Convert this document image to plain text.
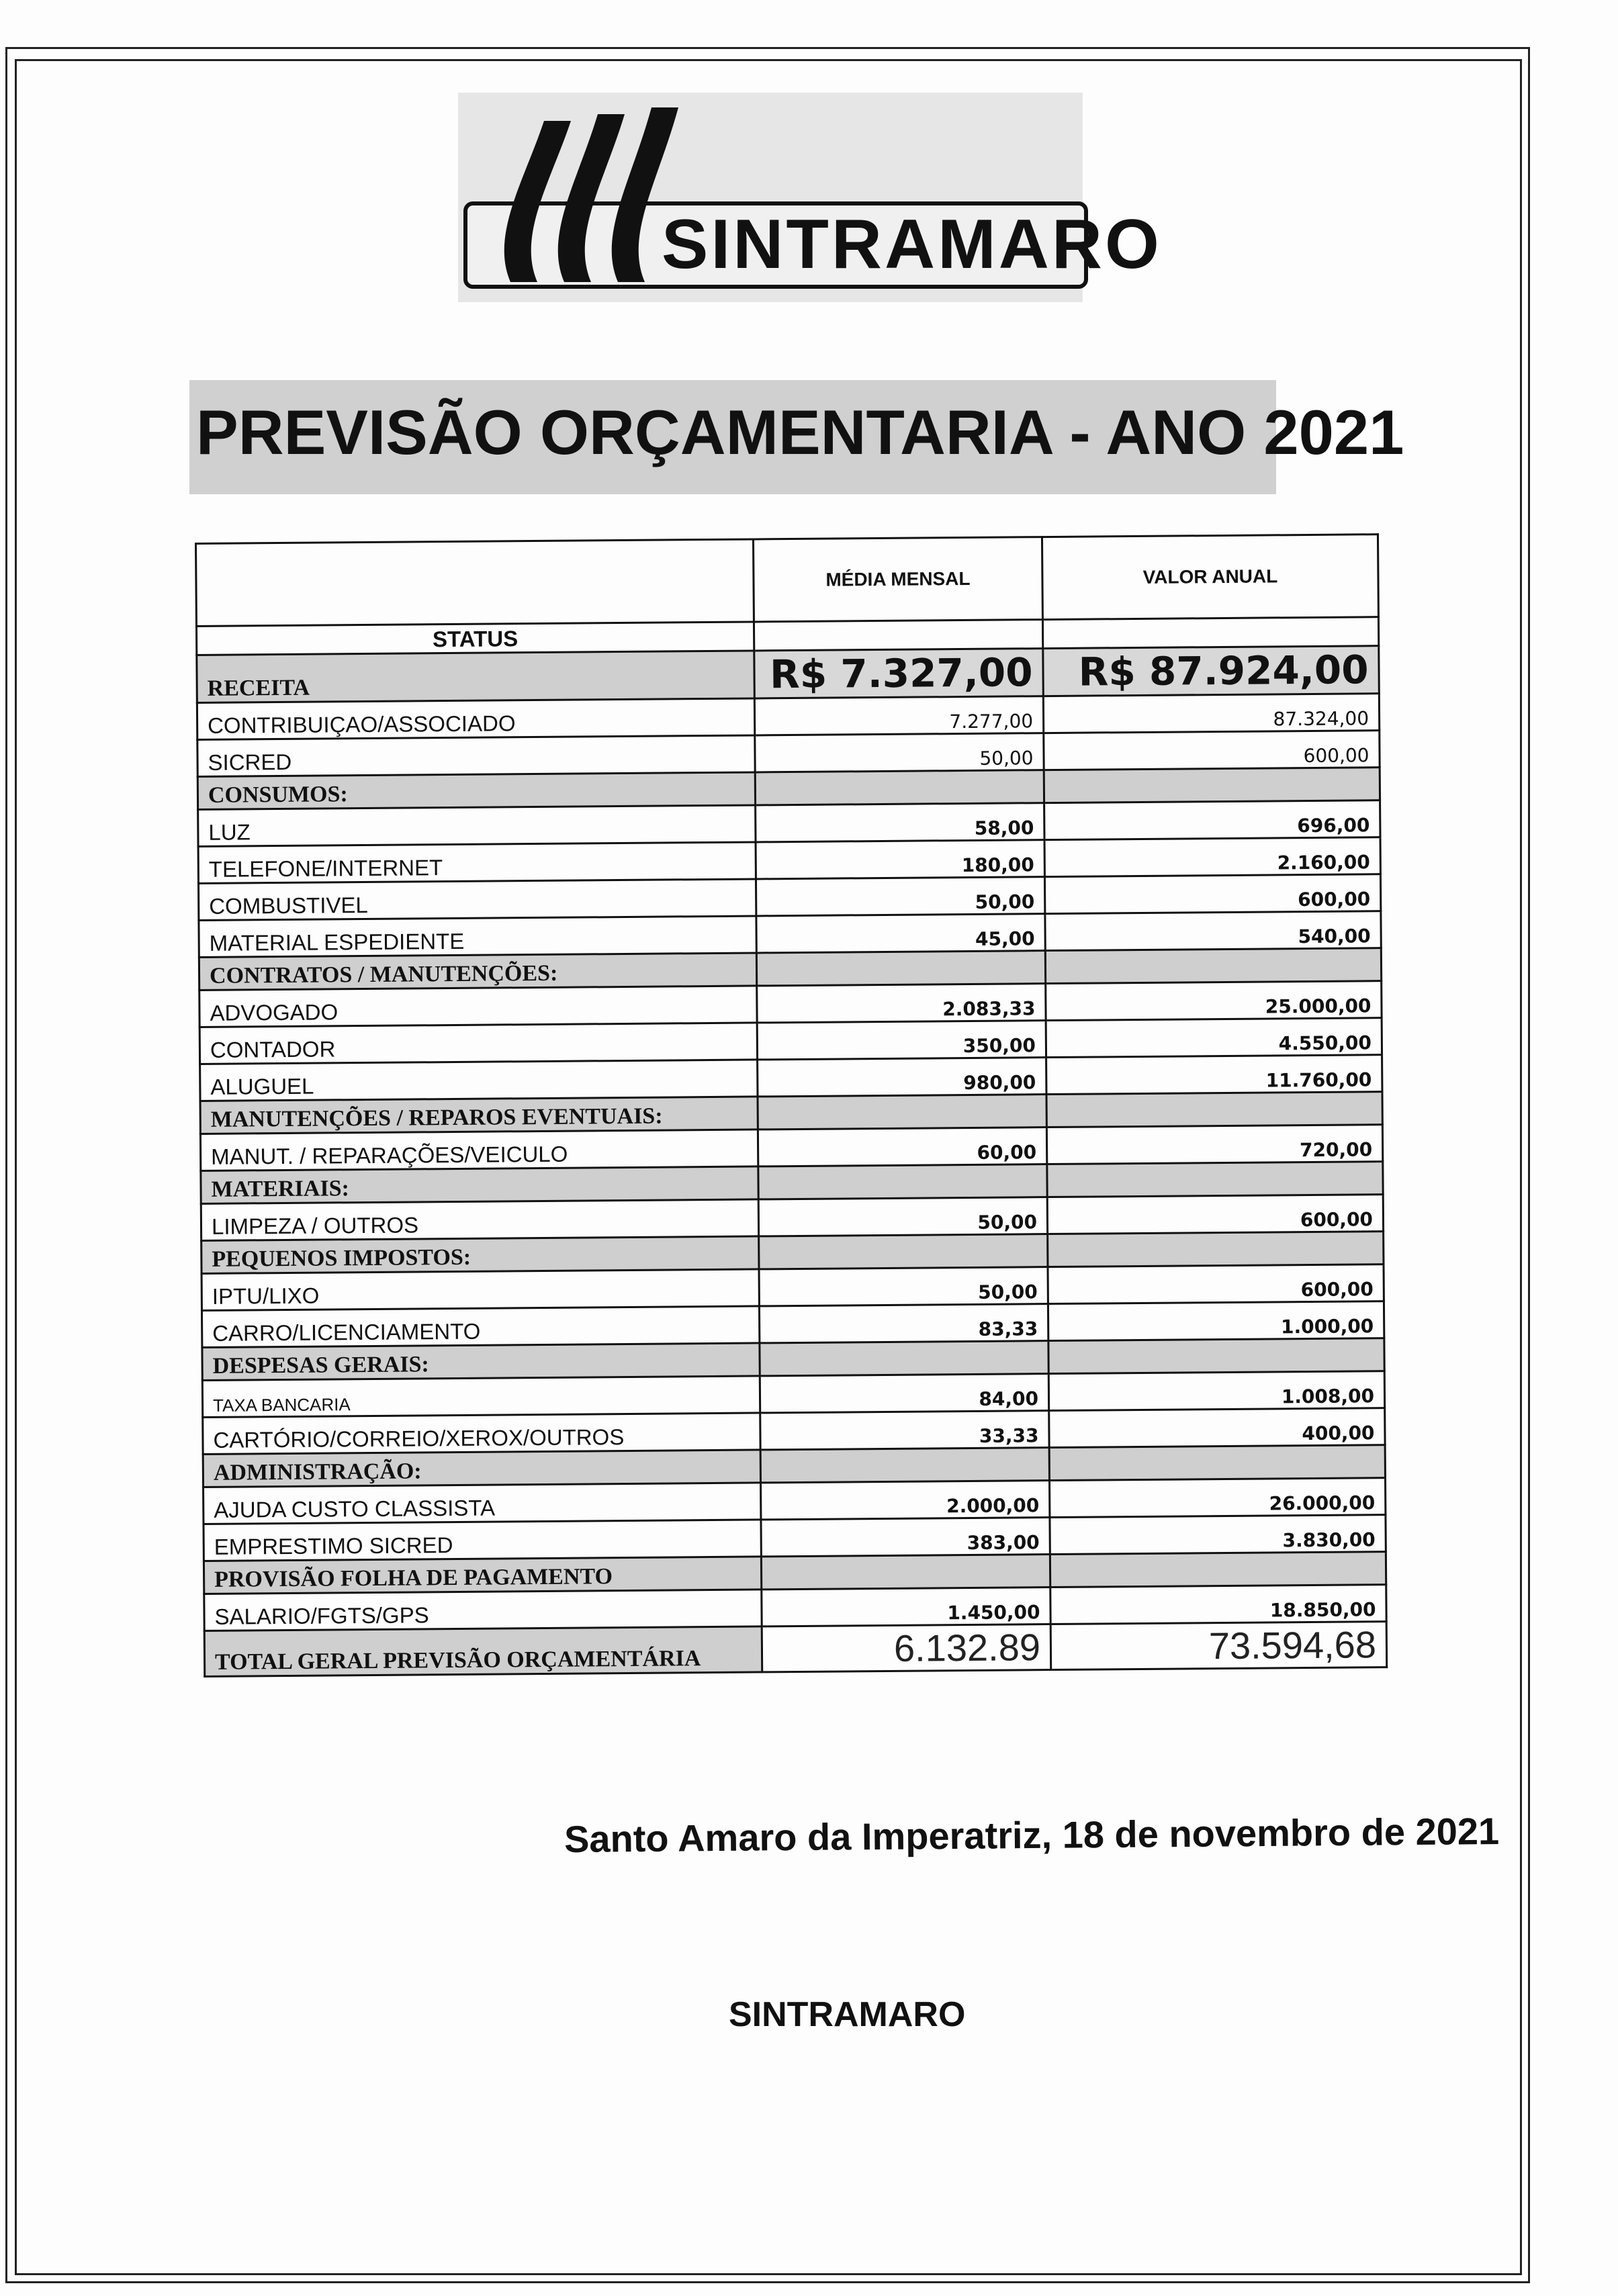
SINTRAMARO
PREVISÃO ORÇAMENTARIA - ANO 2021
	MÉDIA MENSAL	VALOR ANUAL
STATUS		
RECEITA	R$ 7.327,00	R$ 87.924,00
CONTRIBUIÇAO/ASSOCIADO	7.277,00	87.324,00
SICRED	50,00	600,00
CONSUMOS:		
LUZ	58,00	696,00
TELEFONE/INTERNET	180,00	2.160,00
COMBUSTIVEL	50,00	600,00
MATERIAL ESPEDIENTE	45,00	540,00
CONTRATOS / MANUTENÇÕES:		
ADVOGADO	2.083,33	25.000,00
CONTADOR	350,00	4.550,00
ALUGUEL	980,00	11.760,00
MANUTENÇÕES / REPAROS EVENTUAIS:		
MANUT. / REPARAÇÕES/VEICULO	60,00	720,00
MATERIAIS:		
LIMPEZA / OUTROS	50,00	600,00
PEQUENOS IMPOSTOS:		
IPTU/LIXO	50,00	600,00
CARRO/LICENCIAMENTO	83,33	1.000,00
DESPESAS GERAIS:		
TAXA BANCARIA	84,00	1.008,00
CARTÓRIO/CORREIO/XEROX/OUTROS	33,33	400,00
ADMINISTRAÇÃO:		
AJUDA CUSTO CLASSISTA	2.000,00	26.000,00
EMPRESTIMO SICRED	383,00	3.830,00
PROVISÃO FOLHA DE PAGAMENTO		
SALARIO/FGTS/GPS	1.450,00	18.850,00
TOTAL GERAL PREVISÃO ORÇAMENTÁRIA	6.132.89	73.594,68
Santo Amaro da Imperatriz, 18 de novembro de 2021
SINTRAMARO
